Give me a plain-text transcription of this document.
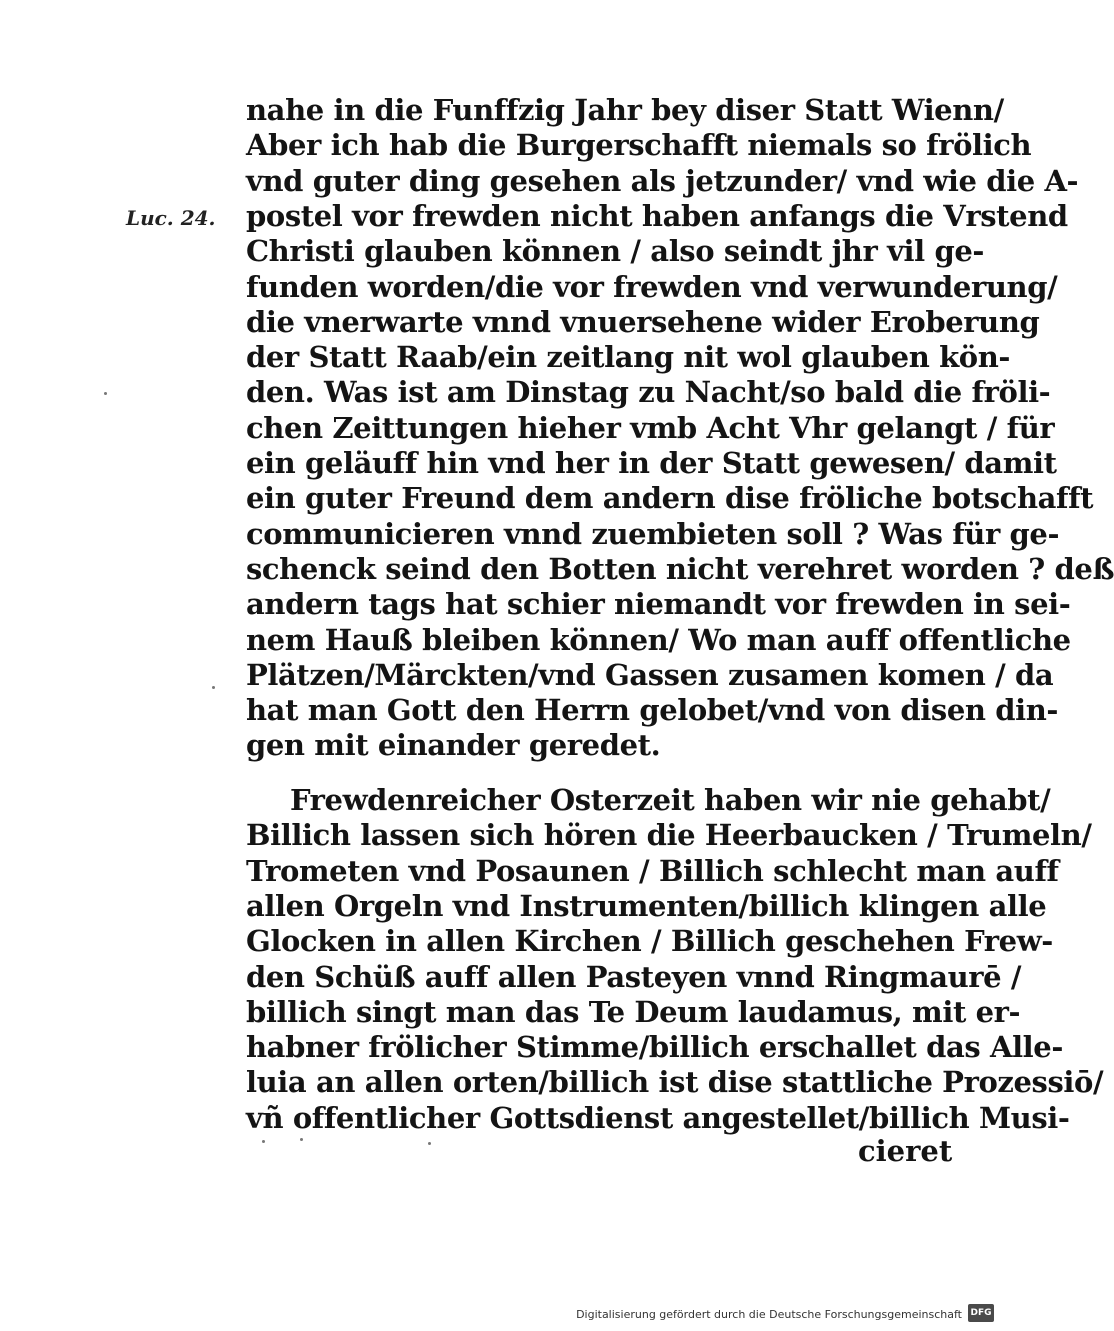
Luc. 24.
nahe in die Funffzig Jahr bey diser Statt Wienn/
Aber ich hab die Burgerschafft niemals so frölich
vnd guter ding gesehen als jetzunder/ vnd wie die A-
postel vor frewden nicht haben anfangs die Vrstend
Christi glauben können / also seindt jhr vil ge-
funden worden/die vor frewden vnd verwunderung/
die vnerwarte vnnd vnuersehene wider Eroberung
der Statt Raab/ein zeitlang nit wol glauben kön-
den. Was ist am Dinstag zu Nacht/so bald die fröli-
chen Zeittungen hieher vmb Acht Vhr gelangt / für
ein geläuff hin vnd her in der Statt gewesen/ damit
ein guter Freund dem andern dise fröliche botschafft
communicieren vnnd zuembieten soll ? Was für ge-
schenck seind den Botten nicht verehret worden ? deß
andern tags hat schier niemandt vor frewden in sei-
nem Hauß bleiben können/ Wo man auff offentliche
Plätzen/Märckten/vnd Gassen zusamen komen / da
hat man Gott den Herrn gelobet/vnd von disen din-
gen mit einander geredet.
Frewdenreicher Osterzeit haben wir nie gehabt/
Billich lassen sich hören die Heerbaucken / Trumeln/
Trometen vnd Posaunen / Billich schlecht man auff
allen Orgeln vnd Instrumenten/billich klingen alle
Glocken in allen Kirchen / Billich geschehen Frew-
den Schüß auff allen Pasteyen vnnd Ringmaurē /
billich singt man das Te Deum laudamus, mit er-
habner frölicher Stimme/billich erschallet das Alle-
luia an allen orten/billich ist dise stattliche Prozessiō/
vñ offentlicher Gottsdienst angestellet/billich Musi-
cieret
Digitalisierung gefördert durch die Deutsche Forschungsgemeinschaft DFG
